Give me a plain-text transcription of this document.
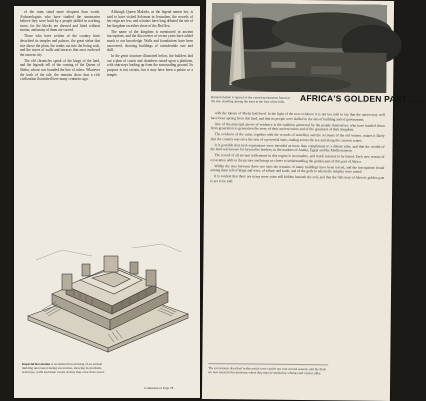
of the ruins stand more eloquent than words. Archaeologists who have studied the sanctuaries believe they were built by a people skilled in working stone, for the blocks are dressed and fitted without mortar, and many of them are carved.

Those who have written of the country have described its temples and palaces, the great stelae that rise above the plain, the tombs cut into the living rock, and the traces of walls and terraces that once enclosed the ancient city.

The old chronicles speak of the kings of the land, and the legends tell of the coming of the Queen of Sheba, whose son founded the line of rulers. Whatever the truth of the tale, the remains show that a rich civilization flourished here many centuries ago.

Although Queen Makeda, as the legend names her, is said to have visited Solomon in Jerusalem, the records of her reign are few, and scholars have long debated the site of her kingdom on either shore of the Red Sea.

The name of the kingdom is mentioned in ancient inscriptions, and the discoveries of recent years have added much to our knowledge. Walls and foundations have been uncovered, showing buildings of considerable size and skill.

In the great structure illustrated below, the builders laid out a plan of courts and chambers raised upon a platform, with stairways leading up from the surrounding ground. Its purpose is not certain, but it may have been a palace or a temple.

Imperial Revelation A reconstruction drawing of an ancient building uncovered during excavation, showing its platform, stairways, walls and inner courts as they may once have stood.
Continued on Page 78
Ruined obelisk is typical of the carved monuments found at the site, standing among the trees at the foot of the hills.	AFRICA'S GOLDEN PAST Continued

with the Queen of Sheba had lived. In the light of the new evidence it is not too rash to say that the queen may well have been sprung from this land, and that its people were skilled in the arts of building and of government.

One of the principal pieces of evidence is the tradition preserved by the people themselves, who have handed down from generation to generation the story of their ancient rulers and of the greatness of their kingdom.

The evidence of the ruins, together with the records of travellers and the accounts of the old writers, makes it likely that the country was once the seat of a powerful state, trading across the sea and along the caravan routes.

It is possible that such expressions were intended as more than compliment to a distant ruler, and that the wealth of the land was known far beyond its borders, in the markets of Arabia, Egypt and the Mediterranean.

The record of all ancient settlements in this region is incomplete, and much remains to be found. Each new season of excavation adds to the picture and brings us closer to understanding the golden past of this part of Africa.

Within the area between these two sites the remains of many buildings have been traced, and the inscriptions found among them tell of kings and wars, of tribute and trade, and of the gods to whom the temples were raised.

It is evident that there are many more ruins still hidden beneath the soil, and that the full story of Africa's golden past is yet to be told.

The excavations described in this article were carried out over several seasons, and the finds are now preserved in museums where they may be studied by scholars and visitors alike.
